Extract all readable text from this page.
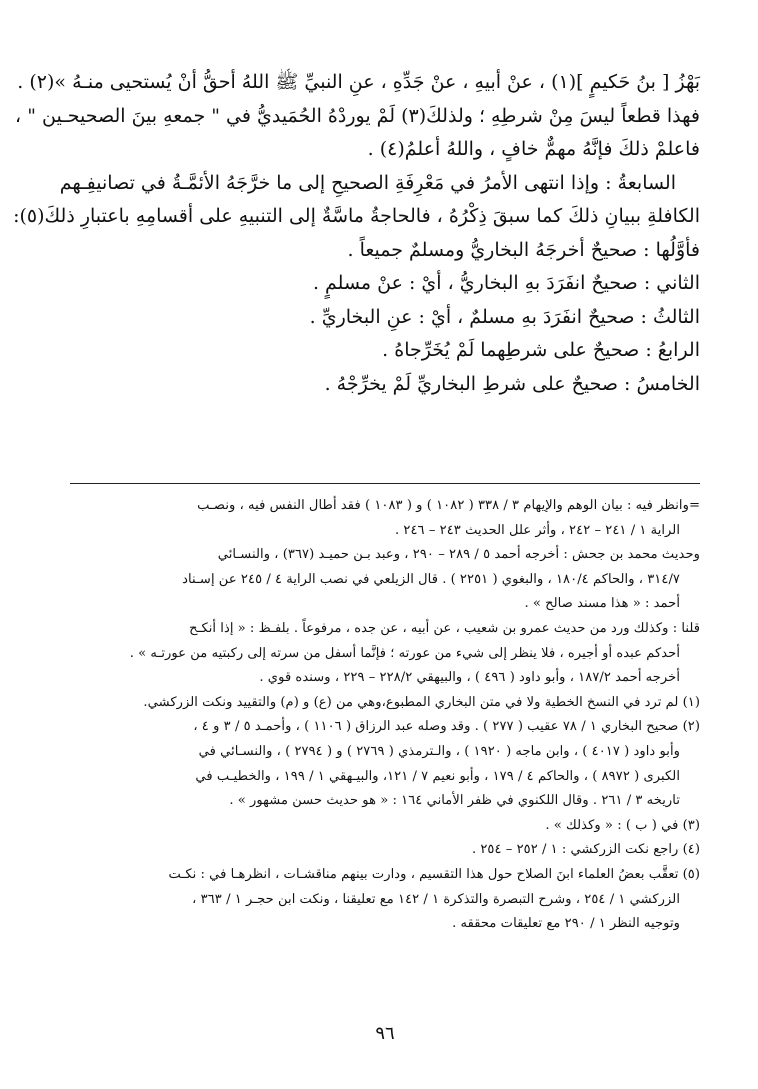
بَهْزُ [ بنُ حَكيمٍ ](١) ، عنْ أبيهِ ، عنْ جَدِّهِ ، عنِ النبيِّ ﷺ اللهُ أحقُّ أنْ يُستحيى منـهُ »(٢) .

فهذا قطعاً ليسَ مِنْ شرطِهِ ؛ ولذلكَ(٣) لَمْ يوردْهُ الحُمَيديُّ في " جمعهِ بينَ الصحيحـين " ،

فاعلمْ ذلكَ فإنَّهُ مهمٌّ خافٍ ، واللهُ أعلمُ(٤) .

السابعةُ : وإذا انتهى الأمرُ في مَعْرِفَةِ الصحيحِ إلى ما خرَّجَهُ الأئمَّـةُ في تصانيفِـهم

الكافلةِ ببيانِ ذلكَ كما سبقَ ذِكْرُهُ ، فالحاجةُ ماسَّةٌ إلى التنبيهِ على أقسامِهِ باعتبارِ ذلكَ(٥):

فأوَّلُها : صحيحٌ أخرجَهُ البخاريُّ ومسلمٌ جميعاً .

الثاني : صحيحٌ انفَرَدَ بهِ البخاريُّ ، أيْ : عنْ مسلمٍ .

الثالثُ : صحيحٌ انفَرَدَ بهِ مسلمٌ ، أيْ : عنِ البخاريِّ .

الرابعُ : صحيحٌ على شرطِهما لَمْ يُخَرِّجاهُ .

الخامسُ : صحيحٌ على شرطِ البخاريِّ لَمْ يخرِّجْهُ .

=وانظر فيه : بيان الوهم والإيهام ٣ / ٣٣٨ ( ١٠٨٢ ) و ( ١٠٨٣ ) فقد أطال النفس فيه ، ونصـب

الراية ١ / ٢٤١ – ٢٤٢ ، وأثر علل الحديث ٢٤٣ – ٢٤٦ .

وحديث محمد بن جحش : أخرجه أحمد ٥ / ٢٨٩ – ٢٩٠ ، وعبد بـن حميـد (٣٦٧) ، والنسـائي

٣١٤/٧ ، والحاكم ١٨٠/٤ ، والبغوي ( ٢٢٥١ ) . قال الزيلعي في نصب الراية ٤ / ٢٤٥ عن إسـناد

أحمد : « هذا مسند صالح » .

قلنا : وكذلك ورد من حديث عمرو بن شعيب ، عن أبيه ، عن جده ، مرفوعاً . بلفـظ : « إذا أنكـح

أحدكم عبده أو أجيره ، فلا ينظر إلى شيء من عورته ؛ فإنَّما أسفل من سرته إلى ركبتيه من عورتـه » .

أخرجه أحمد ١٨٧/٢ ، وأبو داود ( ٤٩٦ ) ، والبيهقي ٢٢٨/٢ – ٢٢٩ ، وسنده قوي .

(١) لم ترد في النسخ الخطية ولا في متن البخاري المطبوع،وهي من (ع) و (م) والتقييد ونكت الزركشي.

(٢) صحيح البخاري ١ / ٧٨ عقيب ( ٢٧٧ ) . وقد وصله عبد الرزاق ( ١١٠٦ ) ، وأحمـد ٥ / ٣ و ٤ ،

وأبو داود ( ٤٠١٧ ) ، وابن ماجه ( ١٩٢٠ ) ، والـترمذي ( ٢٧٦٩ ) و ( ٢٧٩٤ ) ، والنسـائي في

الكبرى ( ٨٩٧٢ ) ، والحاكم ٤ / ١٧٩ ، وأبو نعيم ٧ / ١٢١، والبيـهقي ١ / ١٩٩ ، والخطيـب في

تاريخه ٣ / ٢٦١ . وقال اللكنوي في ظفر الأماني ١٦٤ : « هو حديث حسن مشهور » .

(٣) في ( ب ) : « وكذلك » .

(٤) راجع نكت الزركشي : ١ / ٢٥٢ – ٢٥٤ .

(٥) تعقَّب بعضُ العلماء ابنَ الصلاح حول هذا التقسيم ، ودارت بينهم مناقشـات ، انظرهـا في : نكـت

الزركشي ١ / ٢٥٤ ، وشرح التبصرة والتذكرة ١ / ١٤٢ مع تعليقنا ، ونكت ابن حجـر ١ / ٣٦٣ ،

وتوجيه النظر ١ / ٢٩٠ مع تعليقات محققه .

٩٦
